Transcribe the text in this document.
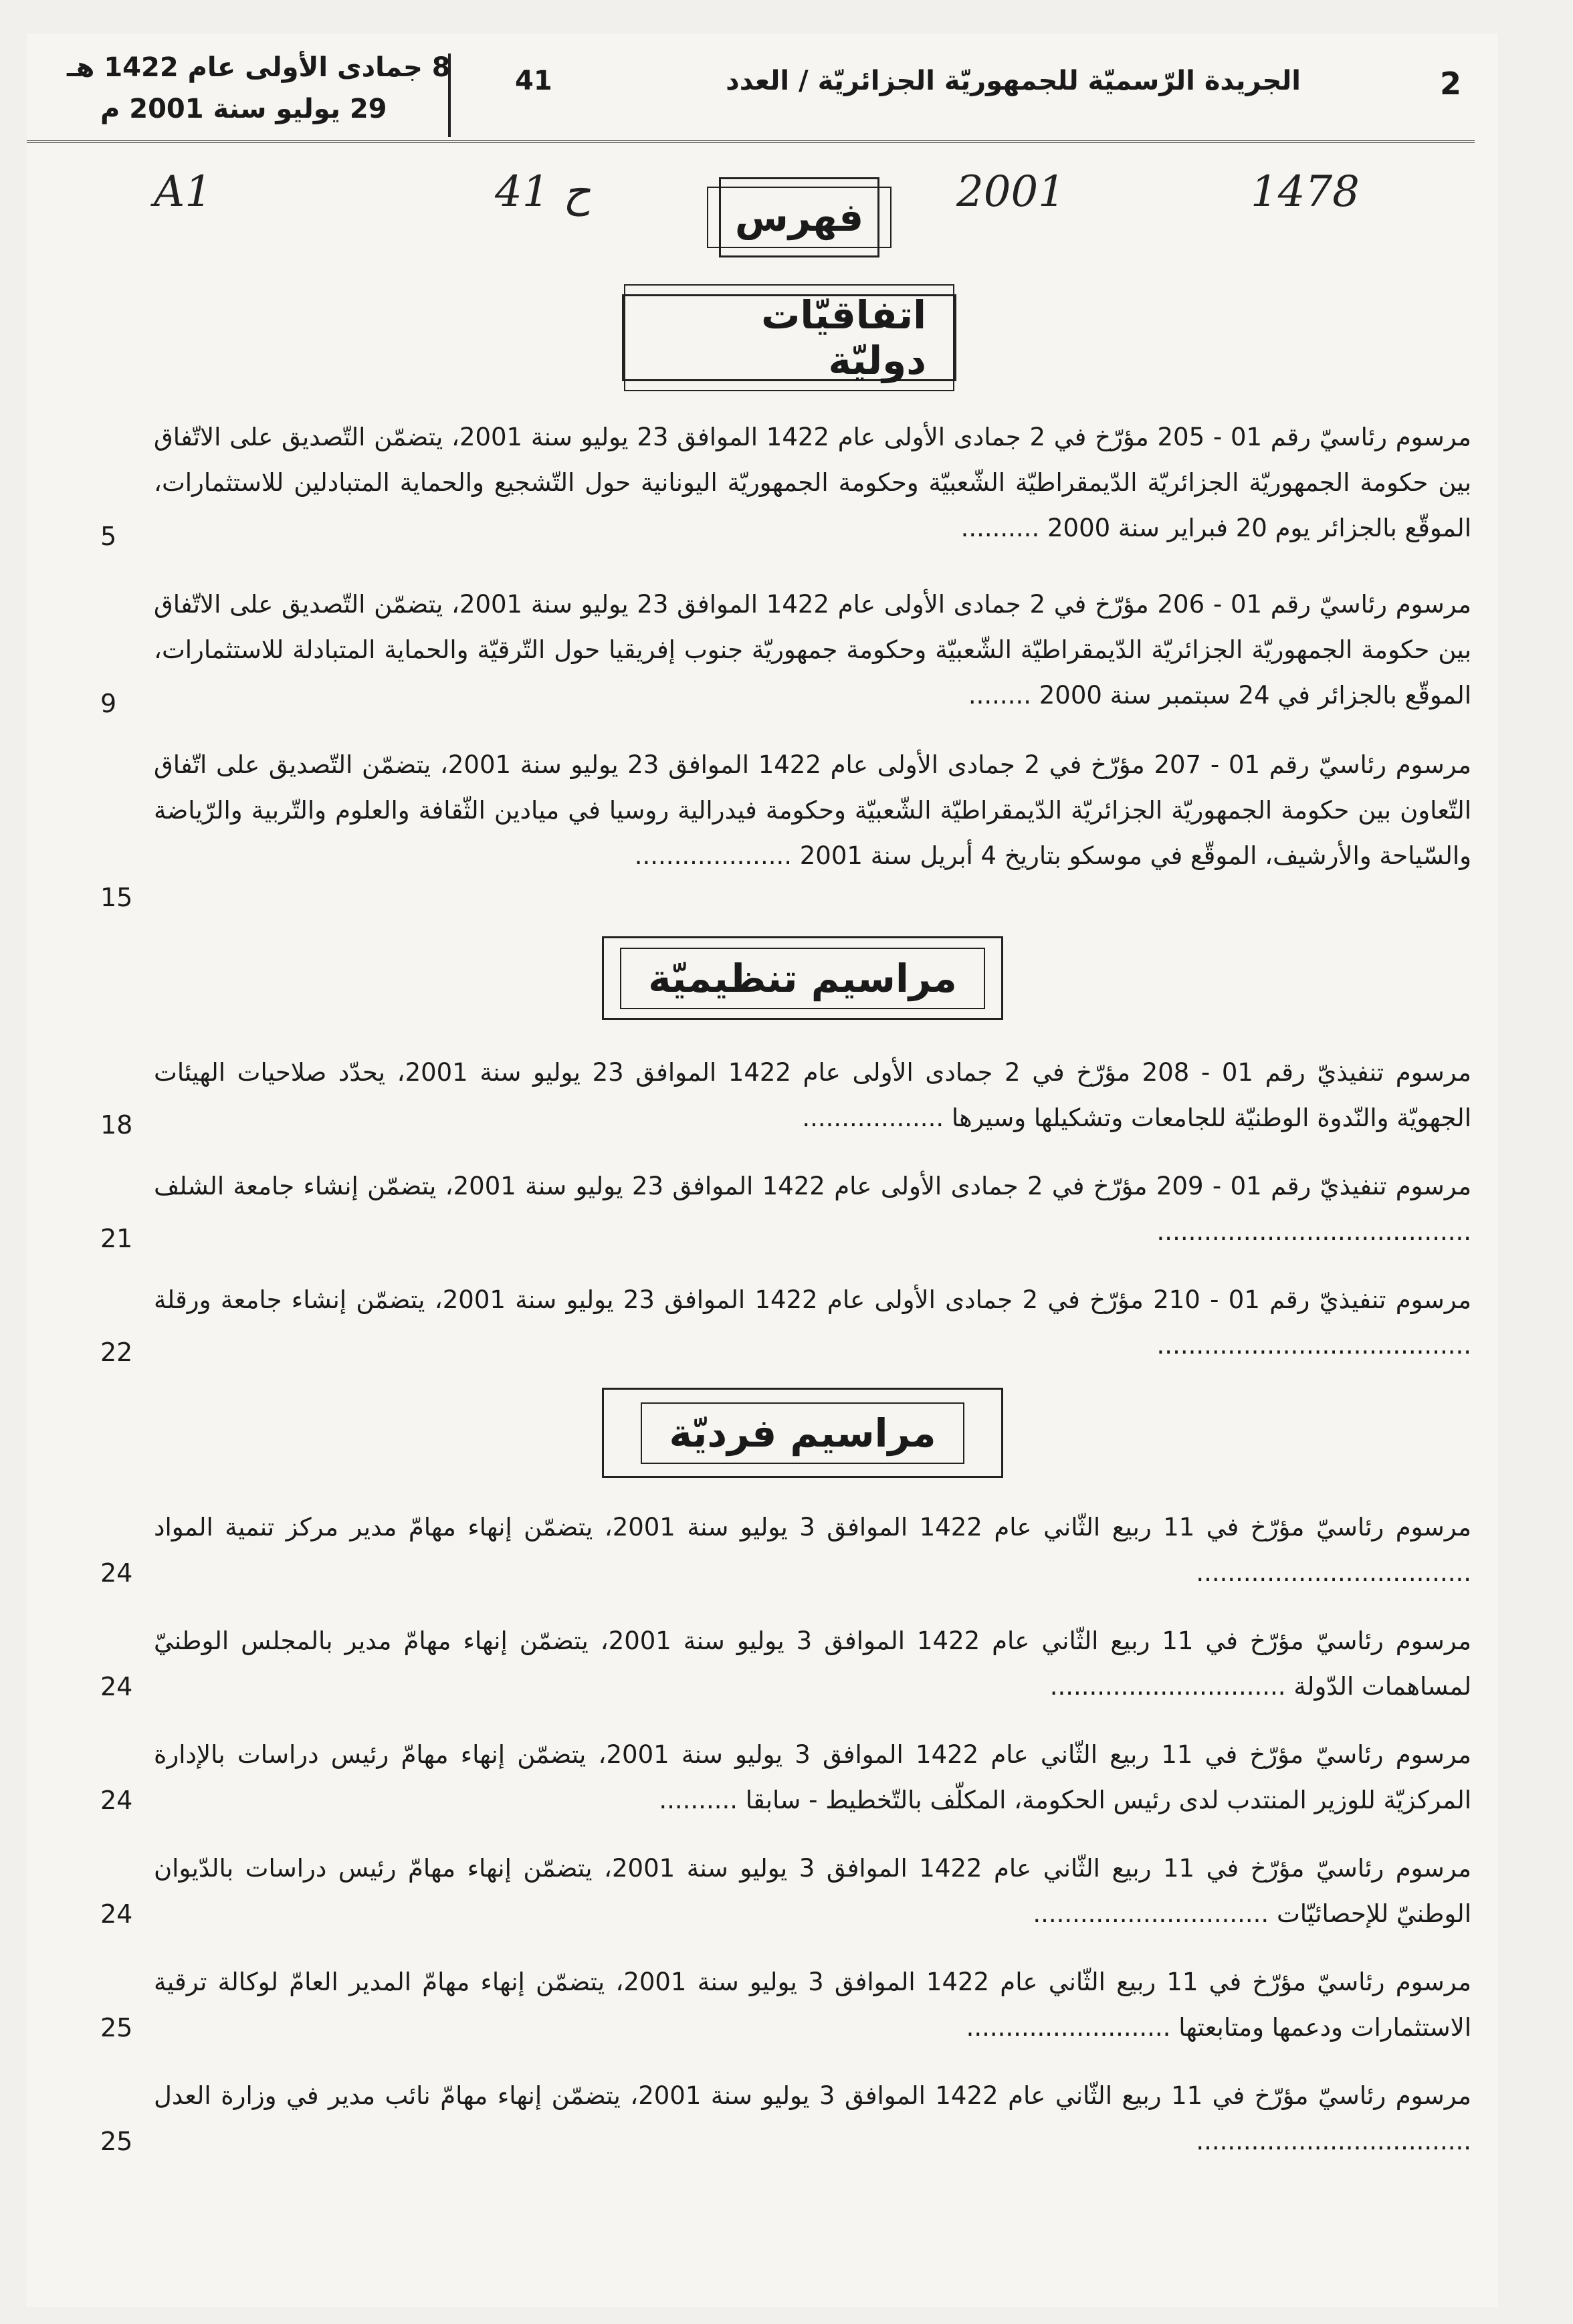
2
الجريدة الرّسميّة للجمهوريّة الجزائريّة / العدد
41
8 جمادى الأولى عام 1422 هـ
29 يوليو سنة 2001 م
A1	ح 41	2001	1478
فهرس
اتفاقيّات دوليّة
مراسيم تنظيميّة
مراسيم فرديّة
مرسوم رئاسيّ رقم 01 - 205 مؤرّخ في 2 جمادى الأولى عام 1422 الموافق 23 يوليو سنة 2001، يتضمّن التّصديق على الاتّفاق بين حكومة الجمهوريّة الجزائريّة الدّيمقراطيّة الشّعبيّة وحكومة الجمهوريّة اليونانية حول التّشجيع والحماية المتبادلين للاستثمارات، الموقّع بالجزائر يوم 20 فبراير سنة 2000 ..........
5
مرسوم رئاسيّ رقم 01 - 206 مؤرّخ في 2 جمادى الأولى عام 1422 الموافق 23 يوليو سنة 2001، يتضمّن التّصديق على الاتّفاق بين حكومة الجمهوريّة الجزائريّة الدّيمقراطيّة الشّعبيّة وحكومة جمهوريّة جنوب إفريقيا حول التّرقيّة والحماية المتبادلة للاستثمارات، الموقّع بالجزائر في 24 سبتمبر سنة 2000 ........
9
مرسوم رئاسيّ رقم 01 - 207 مؤرّخ في 2 جمادى الأولى عام 1422 الموافق 23 يوليو سنة 2001، يتضمّن التّصديق على اتّفاق التّعاون بين حكومة الجمهوريّة الجزائريّة الدّيمقراطيّة الشّعبيّة وحكومة فيدرالية روسيا في ميادين الثّقافة والعلوم والتّربية والرّياضة والسّياحة والأرشيف، الموقّع في موسكو بتاريخ 4 أبريل سنة 2001 ....................
15
مرسوم تنفيذيّ رقم 01 - 208 مؤرّخ في 2 جمادى الأولى عام 1422 الموافق 23 يوليو سنة 2001، يحدّد صلاحيات الهيئات الجهويّة والنّدوة الوطنيّة للجامعات وتشكيلها وسيرها ..................
18
مرسوم تنفيذيّ رقم 01 - 209 مؤرّخ في 2 جمادى الأولى عام 1422 الموافق 23 يوليو سنة 2001، يتضمّن إنشاء جامعة الشلف ........................................
21
مرسوم تنفيذيّ رقم 01 - 210 مؤرّخ في 2 جمادى الأولى عام 1422 الموافق 23 يوليو سنة 2001، يتضمّن إنشاء جامعة ورقلة ........................................
22
مرسوم رئاسيّ مؤرّخ في 11 ربيع الثّاني عام 1422 الموافق 3 يوليو سنة 2001، يتضمّن إنهاء مهامّ مدير مركز تنمية المواد ...................................
24
مرسوم رئاسيّ مؤرّخ في 11 ربيع الثّاني عام 1422 الموافق 3 يوليو سنة 2001، يتضمّن إنهاء مهامّ مدير بالمجلس الوطنيّ لمساهمات الدّولة ..............................
24
مرسوم رئاسيّ مؤرّخ في 11 ربيع الثّاني عام 1422 الموافق 3 يوليو سنة 2001، يتضمّن إنهاء مهامّ رئيس دراسات بالإدارة المركزيّة للوزير المنتدب لدى رئيس الحكومة، المكلّف بالتّخطيط - سابقا ..........
24
مرسوم رئاسيّ مؤرّخ في 11 ربيع الثّاني عام 1422 الموافق 3 يوليو سنة 2001، يتضمّن إنهاء مهامّ رئيس دراسات بالدّيوان الوطنيّ للإحصائيّات ..............................
24
مرسوم رئاسيّ مؤرّخ في 11 ربيع الثّاني عام 1422 الموافق 3 يوليو سنة 2001، يتضمّن إنهاء مهامّ المدير العامّ لوكالة ترقية الاستثمارات ودعمها ومتابعتها ..........................
25
مرسوم رئاسيّ مؤرّخ في 11 ربيع الثّاني عام 1422 الموافق 3 يوليو سنة 2001، يتضمّن إنهاء مهامّ نائب مدير في وزارة العدل ...................................
25
